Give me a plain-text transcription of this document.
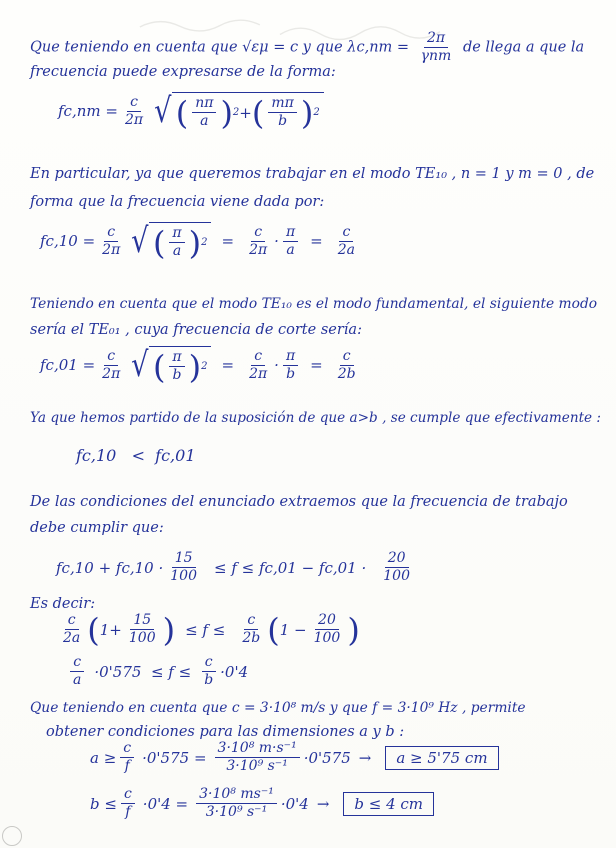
Que teniendo en cuenta que √εμ = c y que $\lambda c,nm = \frac{2\pi}{\text{γnm}}$ de llega a que la
frecuencia puede expresarse de la forma:
$fc,nm = \frac{c}{2\pi}$ √ ( $\frac{n\pi}{a}$ ) 2 + ( $\frac{m\pi}{b}$ ) 2
En particular, ya que queremos trabajar en el modo TE₁₀ , n = 1 y m = 0 , de
forma que la frecuencia viene dada por:
$fc,10 = \frac{c}{2\pi}$ √ ( $\frac{\pi}{a}$ ) $2 = \frac{c}{2\pi} \cdot \frac{\pi}{a} = \frac{c}{2a}$
Teniendo en cuenta que el modo TE₁₀ es el modo fundamental, el siguiente modo
sería el TE₀₁ , cuya frecuencia de corte sería:
$fc,01 = \frac{c}{2\pi}$ √ ( $\frac{\pi}{b}$ ) $2 = \frac{c}{2\pi} \cdot \frac{\pi}{b} = \frac{c}{2b}$
Ya que hemos partido de la suposición de que a>b , se cumple que efectivamente :
fc,10   <  fc,01
De las condiciones del enunciado extraemos que la frecuencia de trabajo
debe cumplir que:
$fc,10 + fc,10 \cdot \frac{15}{100} \le f \le fc,01 - fc,01 \cdot \frac{20}{100}$
Es decir:
$\frac{c}{2a}$ ( $1+ \frac{15}{100}$ ) ≤ $f \le \frac{c}{2b}$ ( $1 - \frac{20}{100}$ )
$\frac{c}{a} \cdot 0'575 \le f \le \frac{c}{b} \cdot 0'4$
Que teniendo en cuenta que c = 3·10⁸ m/s y que f = 3·10⁹ Hz , permite
obtener condiciones para las dimensiones a y b :
$a \ge \frac{c}{f} \cdot 0'575 = \frac{\text{3·10⁸ m·s⁻¹}}{\text{3·10⁹ s⁻¹}} \cdot 0'575$ →	a ≥ 5'75 cm
$b \le \frac{c}{f} \cdot 0'4 = \frac{\text{3·10⁸ ms⁻¹}}{\text{3·10⁹ s⁻¹}} \cdot 0'4$ →	b ≤ 4 cm
